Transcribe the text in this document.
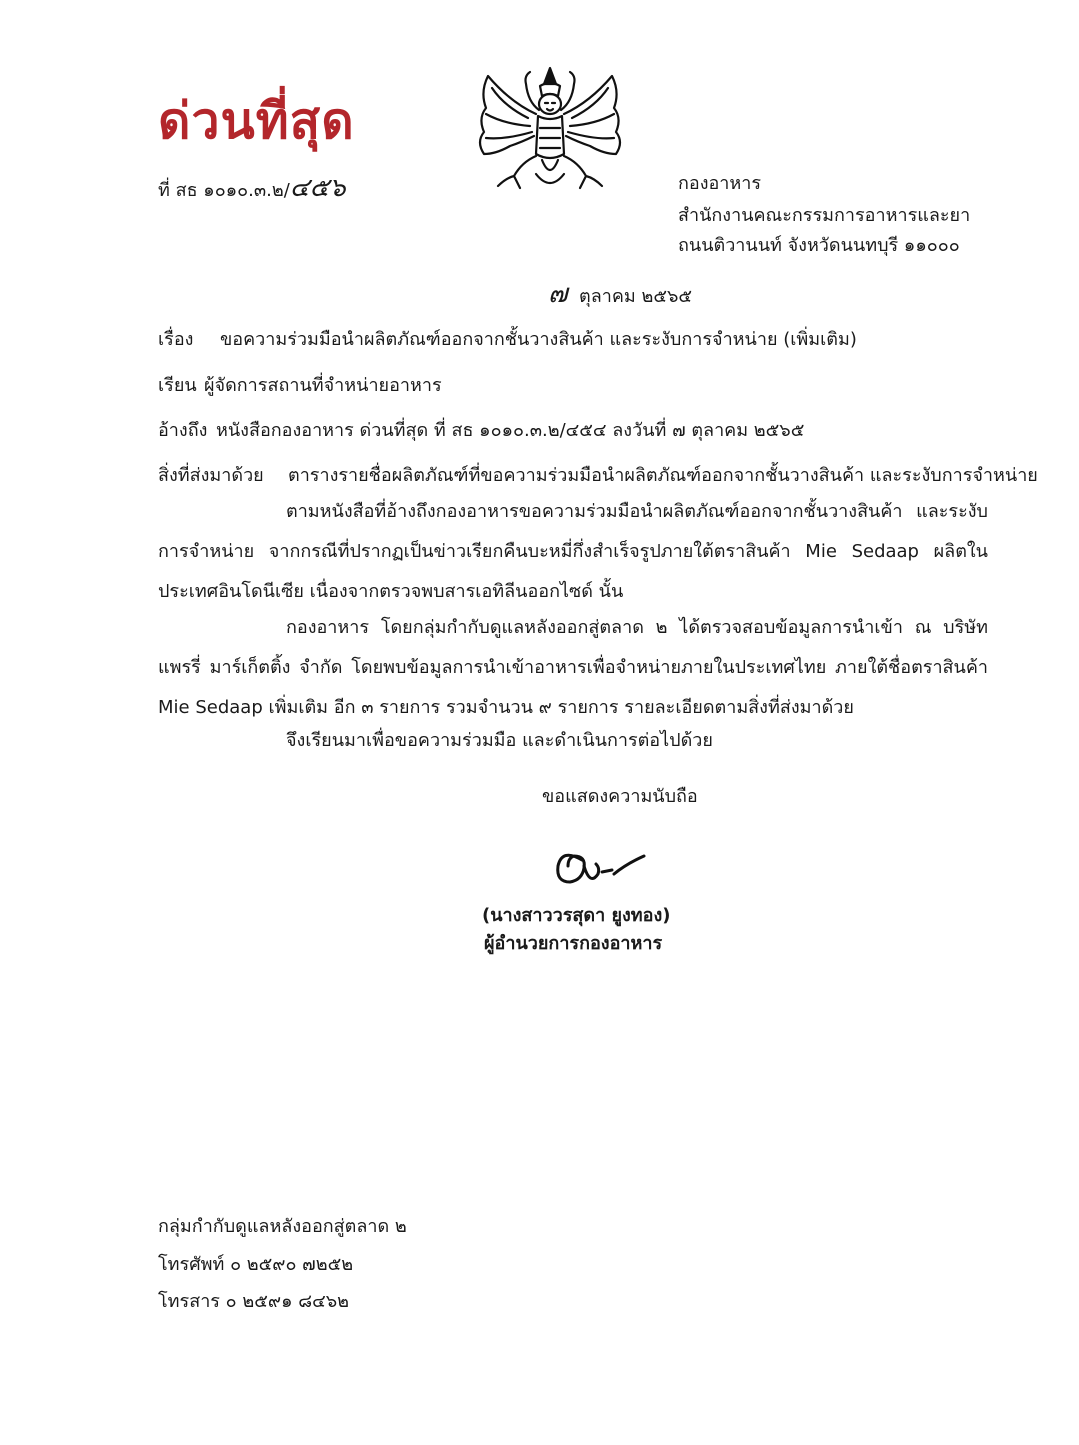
ด่วนที่สุด
ที่ สธ ๑๐๑๐.๓.๒/๔๕๖	กองอาหาร
สำนักงานคณะกรรมการอาหารและยา
ถนนติวานนท์ จังหวัดนนทบุรี ๑๑๐๐๐
๗ ตุลาคม ๒๕๖๕
เรื่อง ขอความร่วมมือนำผลิตภัณฑ์ออกจากชั้นวางสินค้า และระงับการจำหน่าย (เพิ่มเติม)
เรียน ผู้จัดการสถานที่จำหน่ายอาหาร
อ้างถึง หนังสือกองอาหาร ด่วนที่สุด ที่ สธ ๑๐๑๐.๓.๒/๔๕๔ ลงวันที่ ๗ ตุลาคม ๒๕๖๕
สิ่งที่ส่งมาด้วย ตารางรายชื่อผลิตภัณฑ์ที่ขอความร่วมมือนำผลิตภัณฑ์ออกจากชั้นวางสินค้า และระงับการจำหน่าย
ตามหนังสือที่อ้างถึงกองอาหารขอความร่วมมือนำผลิตภัณฑ์ออกจากชั้นวางสินค้า และระงับการจำหน่าย จากกรณีที่ปรากฏเป็นข่าวเรียกคืนบะหมี่กึ่งสำเร็จรูปภายใต้ตราสินค้า Mie Sedaap ผลิตในประเทศอินโดนีเซีย เนื่องจากตรวจพบสารเอทิลีนออกไซด์ นั้น
กองอาหาร โดยกลุ่มกำกับดูแลหลังออกสู่ตลาด ๒ ได้ตรวจสอบข้อมูลการนำเข้า ณ บริษัท แพรรี่ มาร์เก็ตติ้ง จำกัด โดยพบข้อมูลการนำเข้าอาหารเพื่อจำหน่ายภายในประเทศไทย ภายใต้ชื่อตราสินค้า Mie Sedaap เพิ่มเติม อีก ๓ รายการ รวมจำนวน ๙ รายการ รายละเอียดตามสิ่งที่ส่งมาด้วย
จึงเรียนมาเพื่อขอความร่วมมือ และดำเนินการต่อไปด้วย
ขอแสดงความนับถือ
(นางสาววรสุดา ยูงทอง)
ผู้อำนวยการกองอาหาร
กลุ่มกำกับดูแลหลังออกสู่ตลาด ๒
โทรศัพท์ ๐ ๒๕๙๐ ๗๒๕๒
โทรสาร ๐ ๒๕๙๑ ๘๔๖๒
